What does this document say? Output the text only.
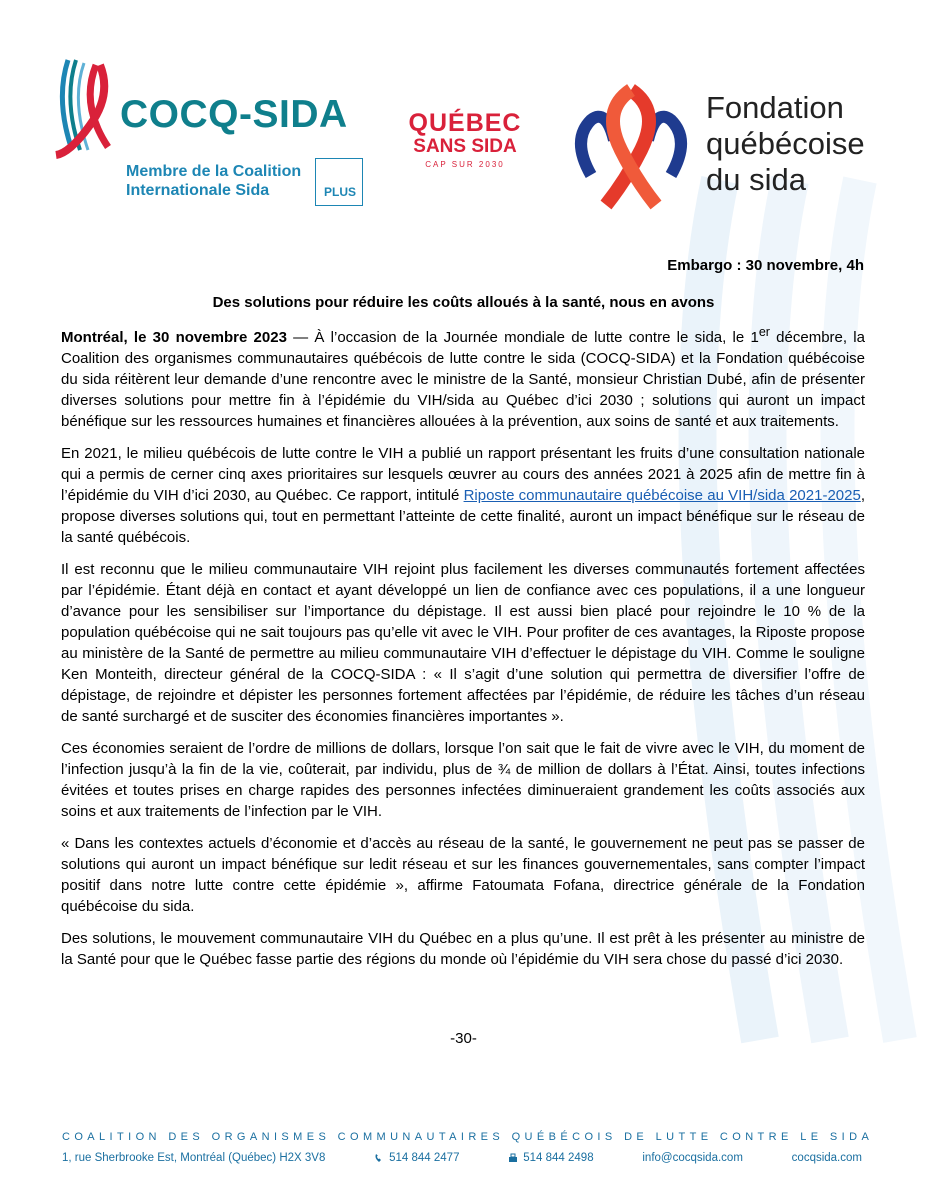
COCQ-SIDA
Membre de la Coalition
Internationale Sida	PLUS
QUÉBEC
SANS SIDA
CAP SUR 2030
Fondation
québécoise
du sida
Embargo : 30 novembre, 4h
Des solutions pour réduire les coûts alloués à la santé, nous en avons

Montréal, le 30 novembre 2023 — À l’occasion de la Journée mondiale de lutte contre le sida, le 1er décembre, la Coalition des organismes communautaires québécois de lutte contre le sida (COCQ-SIDA) et la Fondation québécoise du sida réitèrent leur demande d’une rencontre avec le ministre de la Santé, monsieur Christian Dubé, afin de présenter diverses solutions pour mettre fin à l’épidémie du VIH/sida au Québec d’ici 2030 ; solutions qui auront un impact bénéfique sur les ressources humaines et financières allouées à la prévention, aux soins de santé et aux traitements.

En 2021, le milieu québécois de lutte contre le VIH a publié un rapport présentant les fruits d’une consultation nationale qui a permis de cerner cinq axes prioritaires sur lesquels œuvrer au cours des années 2021 à 2025 afin de mettre fin à l’épidémie du VIH d’ici 2030, au Québec. Ce rapport, intitulé Riposte communautaire québécoise au VIH/sida 2021-2025, propose diverses solutions qui, tout en permettant l’atteinte de cette finalité, auront un impact bénéfique sur le réseau de la santé québécois.

Il est reconnu que le milieu communautaire VIH rejoint plus facilement les diverses communautés fortement affectées par l’épidémie. Étant déjà en contact et ayant développé un lien de confiance avec ces populations, il a une longueur d’avance pour les sensibiliser sur l’importance du dépistage. Il est aussi bien placé pour rejoindre le 10 % de la population québécoise qui ne sait toujours pas qu’elle vit avec le VIH. Pour profiter de ces avantages, la Riposte propose au ministère de la Santé de permettre au milieu communautaire VIH d’effectuer le dépistage du VIH. Comme le souligne Ken Monteith, directeur général de la COCQ-SIDA : « Il s’agit d’une solution qui permettra de diversifier l’offre de dépistage, de rejoindre et dépister les personnes fortement affectées par l’épidémie, de réduire les tâches d’un réseau de santé surchargé et de susciter des économies financières importantes ».

Ces économies seraient de l’ordre de millions de dollars, lorsque l’on sait que le fait de vivre avec le VIH, du moment de l’infection jusqu’à la fin de la vie, coûterait, par individu, plus de ¾ de million de dollars à l’État. Ainsi, toutes infections évitées et toutes prises en charge rapides des personnes infectées diminueraient grandement les coûts associés aux soins et aux traitements de l’infection par le VIH.

« Dans les contextes actuels d’économie et d’accès au réseau de la santé, le gouvernement ne peut pas se passer de solutions qui auront un impact bénéfique sur ledit réseau et sur les finances gouvernementales, sans compter l’impact positif dans notre lutte contre cette épidémie », affirme Fatoumata Fofana, directrice générale de la Fondation québécoise du sida.

Des solutions, le mouvement communautaire VIH du Québec en a plus qu’une. Il est prêt à les présenter au ministre de la Santé pour que le Québec fasse partie des régions du monde où l’épidémie du VIH sera chose du passé d’ici 2030.

-30-
COALITION DES ORGANISMES COMMUNAUTAIRES QUÉBÉCOIS DE LUTTE CONTRE LE SIDA
1, rue Sherbrooke Est, Montréal (Québec) H2X 3V8	514 844 2477	514 844 2498	info@cocqsida.com	cocqsida.com
